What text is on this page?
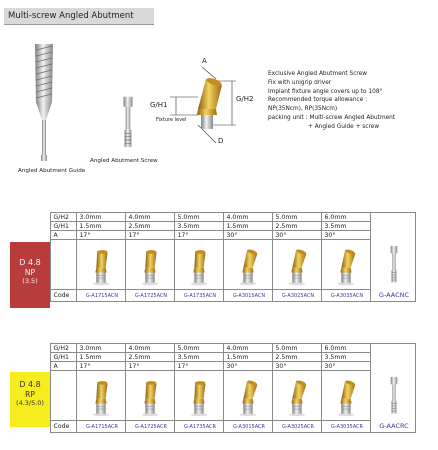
Multi-screw Angled Abutment
Angled Abutment Guide
Angled Abutment Screw
G/H1
G/H2
A
D
Fixture level
Exclusive Angled Abutment Screw
Fix with unigrip driver
Implant fixture angle covers up to 108°
Recommended torque allowance :
NP(35Ncm), RP(35Ncm)
packing unit : Multi-screw Angled Abutment
+ Angled Guide + screw
	G/H2	3.0mm	4.0mm	5.0mm	4.0mm	5.0mm	6.0mm	
	G/H1	1.5mm	2.5mm	3.5mm	1.5mm	2.5mm	3.5mm	
	A	17°	17°	17°	30°	30°	30°	

	Code	G-A1715ACN	G-A1725ACN	G-A1735ACN	G-A3015ACN	G-A3025ACN	G-A3035ACN	G-AACNC
D 4.8
NP
(3.5)
	G/H2	3.0mm	4.0mm	5.0mm	4.0mm	5.0mm	6.0mm	
	G/H1	1.5mm	2.5mm	3.5mm	1.5mm	2.5mm	3.5mm	
	A	17°	17°	17°	30°	30°	30°	

	Code	G-A1715ACR	G-A1725ACR	G-A1735ACR	G-A3015ACR	G-A3025ACR	G-A3035ACR	G-AACRC
D 4.8
RP
(4.3/5.0)
